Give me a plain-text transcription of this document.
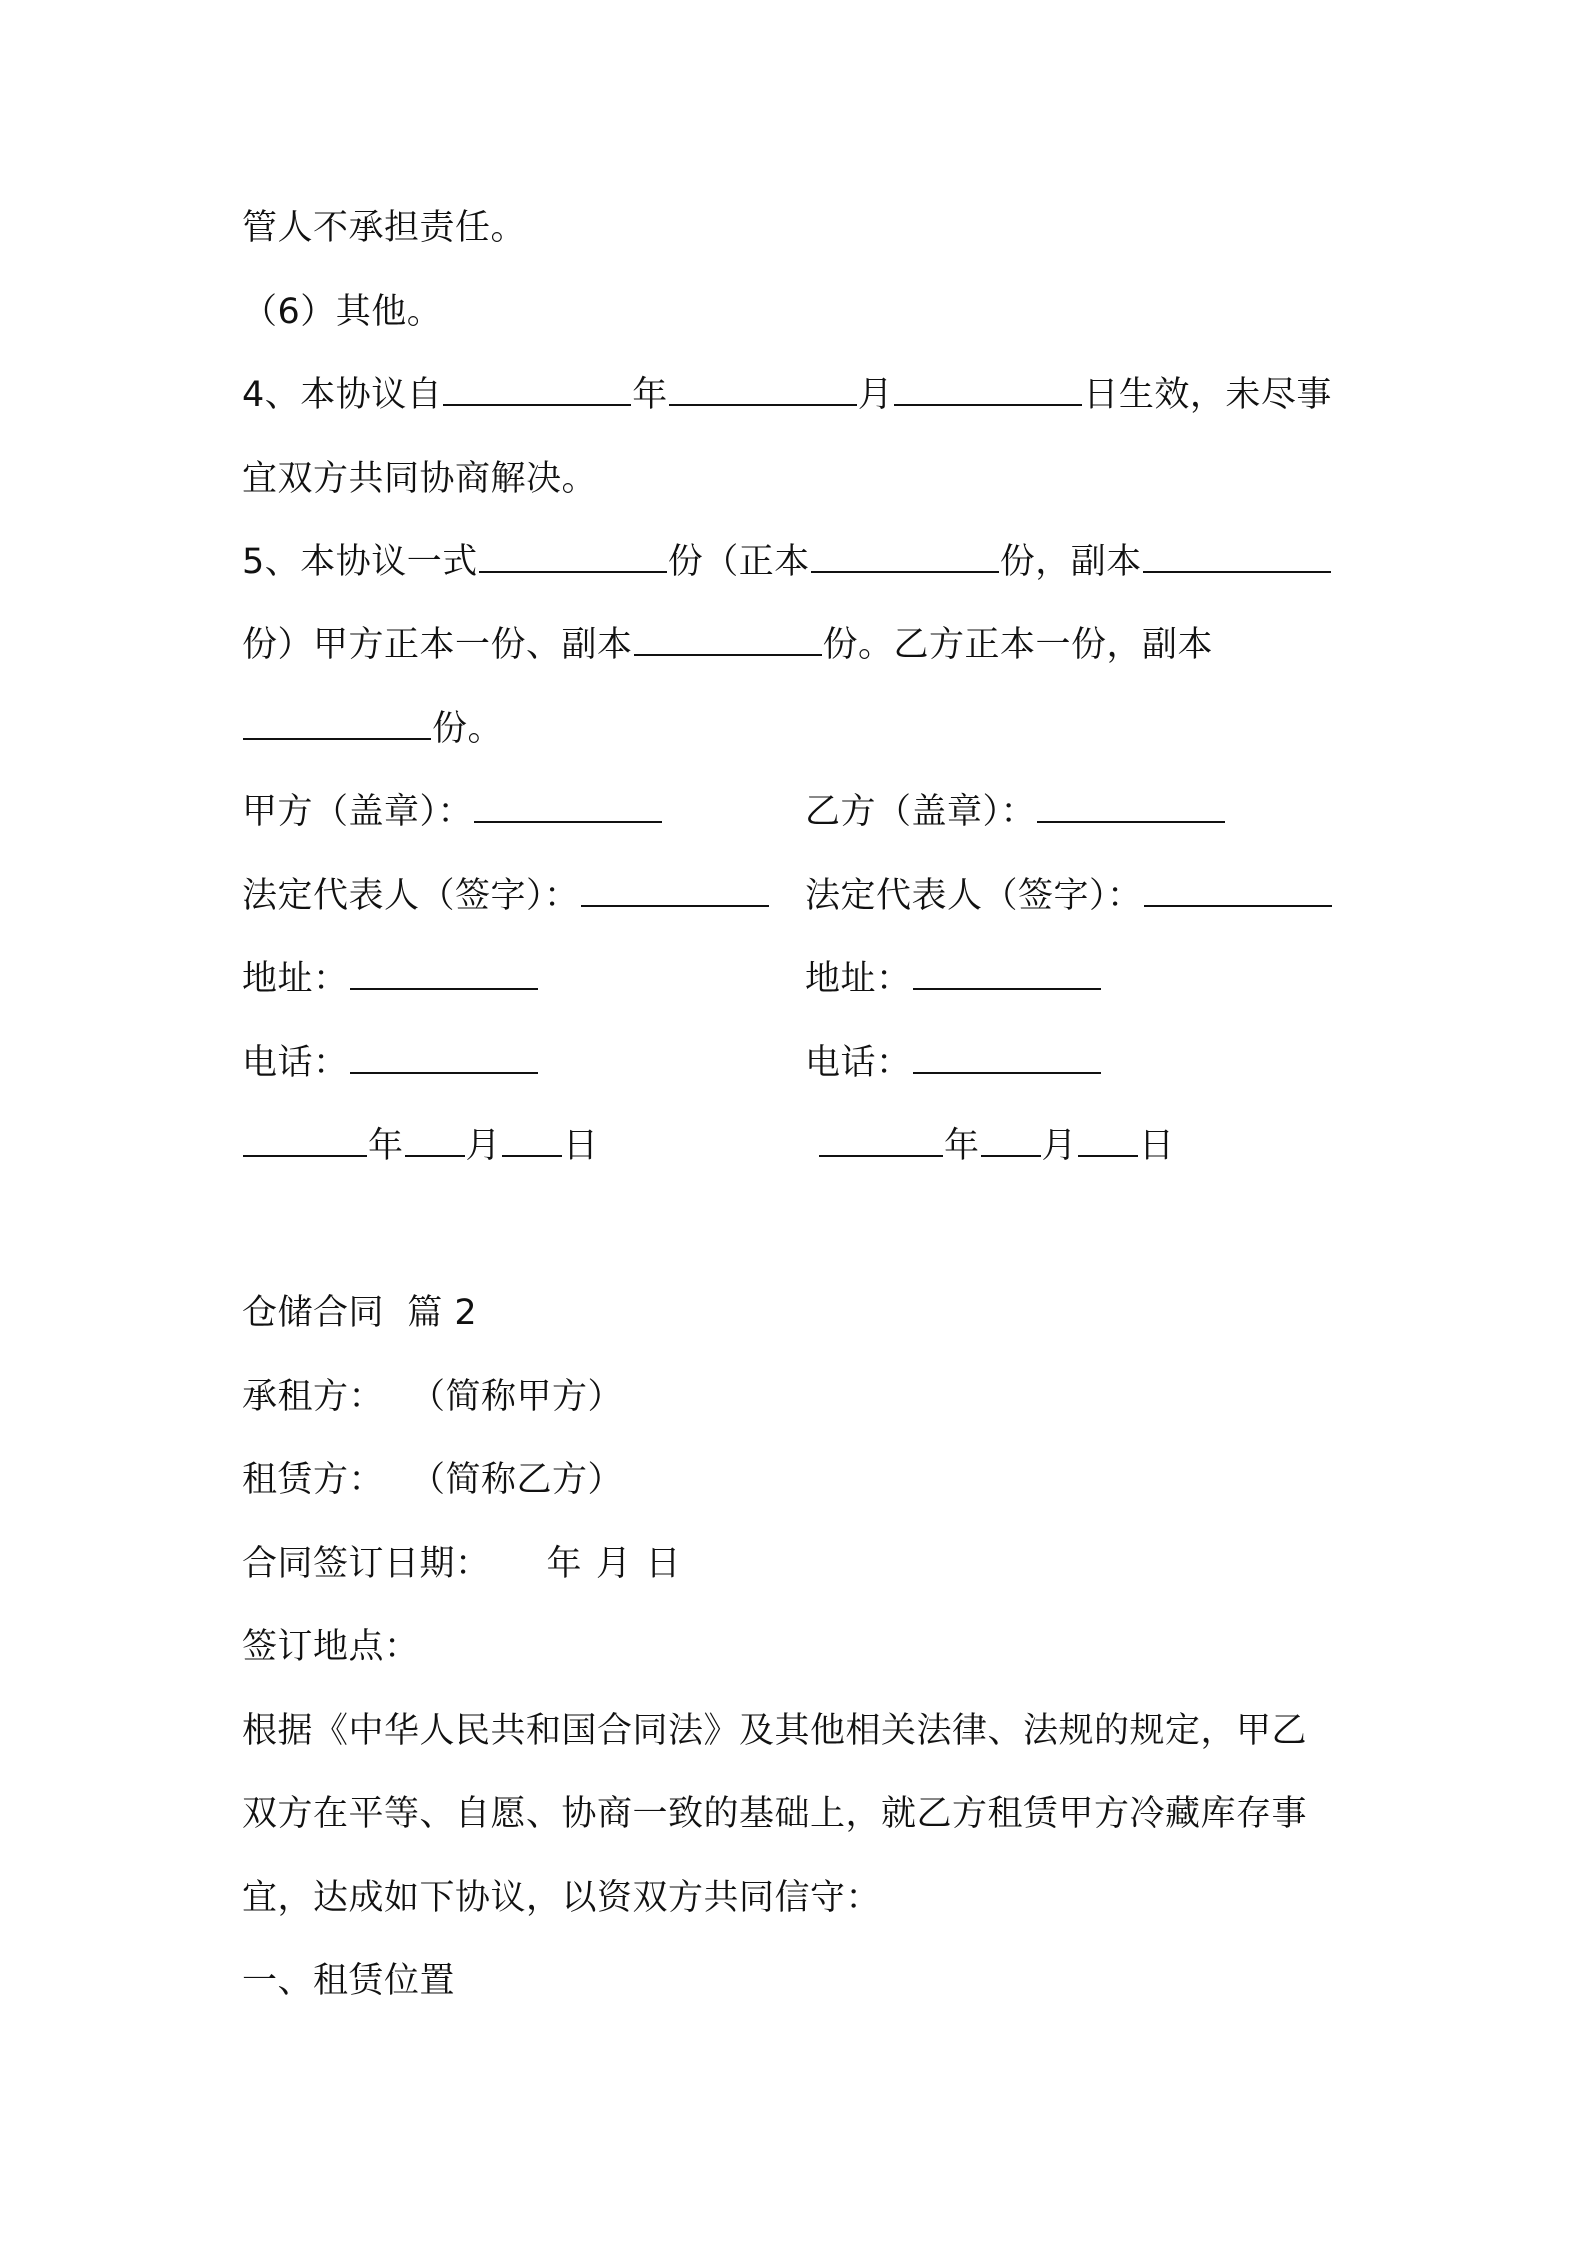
管人不承担责任。
（6）其他。
4、本协议自	年	月	日生效，未尽事
宜双方共同协商解决。
5、本协议一式	份（正本	份，副本
份）甲方正本一份、副本	份。乙方正本一份，副本
份。
甲方（盖章）：	乙方（盖章）：
法定代表人（签字）：	法定代表人（签字）：
地址：	地址：
电话：	电话：
年 月 日	年 月 日
仓储合同  篇 2
承租方： （简称甲方）
租赁方： （简称乙方）
合同签订日期： 年 月 日
签订地点：
根据《中华人民共和国合同法》及其他相关法律、法规的规定，甲乙
双方在平等、自愿、协商一致的基础上，就乙方租赁甲方冷藏库存事
宜，达成如下协议，以资双方共同信守：
一、租赁位置
